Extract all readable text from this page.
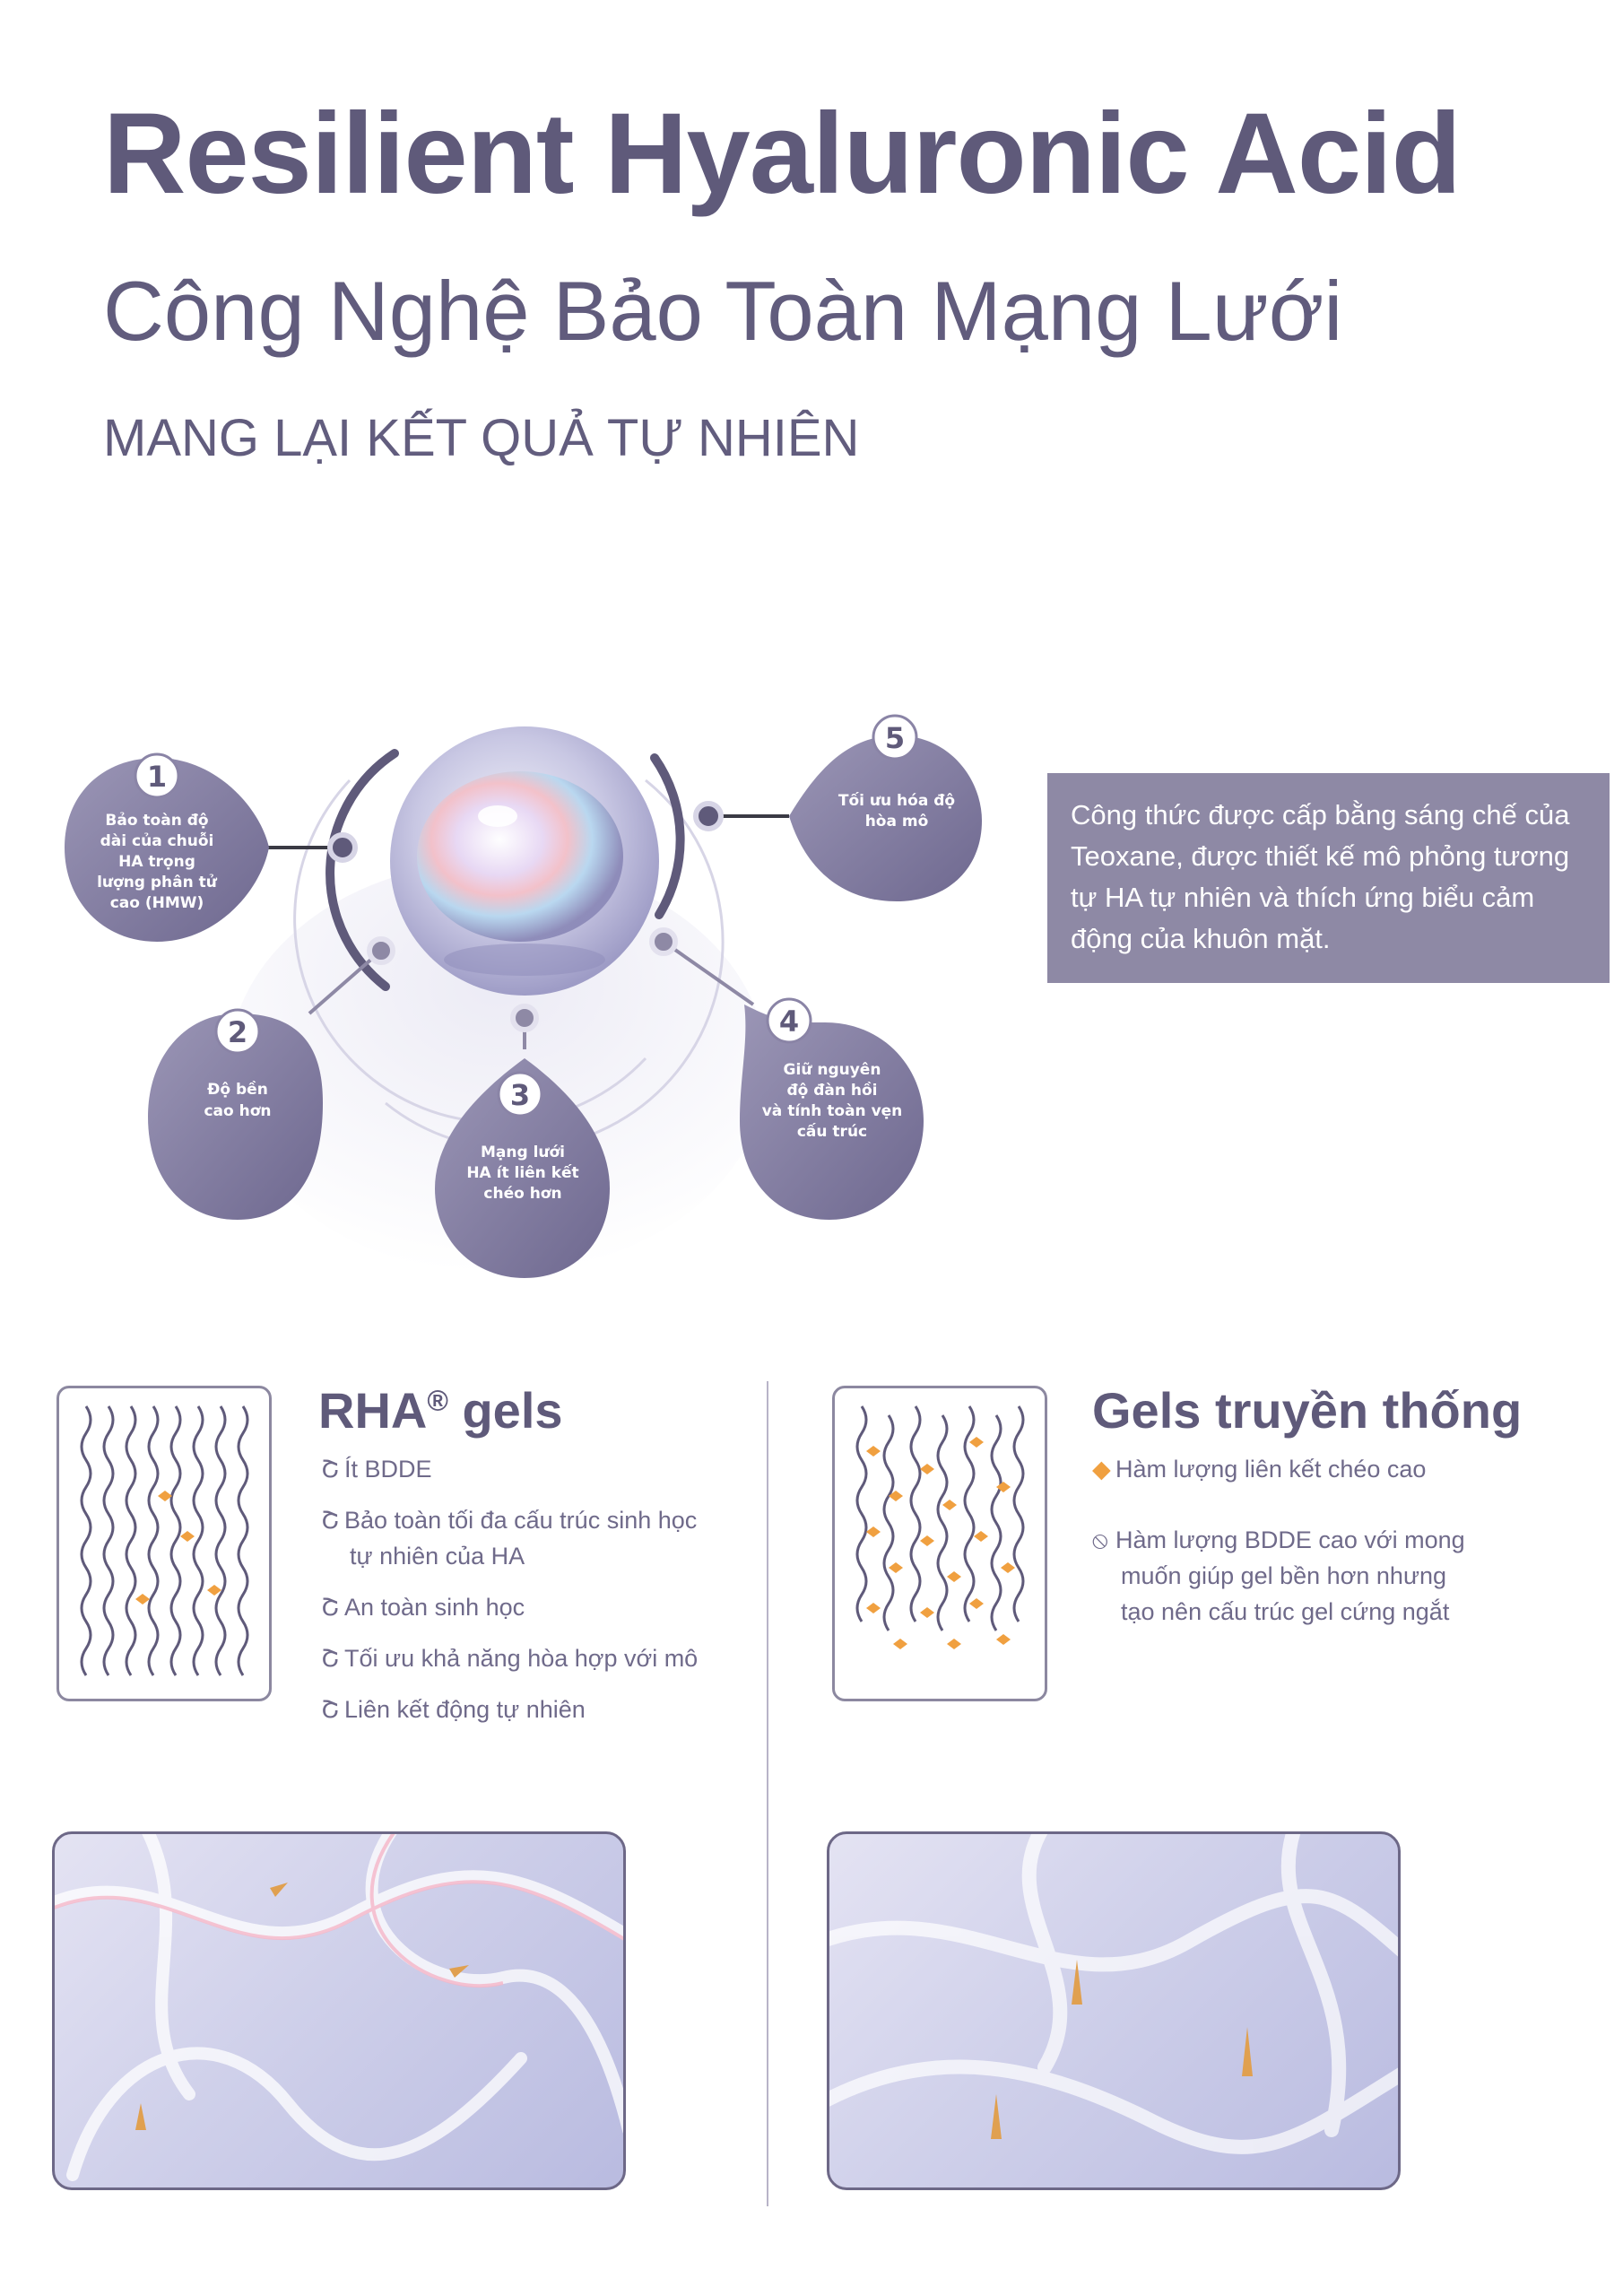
Resilient Hyaluronic Acid
Công Nghệ Bảo Toàn Mạng Lưới
MANG LẠI KẾT QUẢ TỰ NHIÊN
1
Bảo toàn độ
dài của chuỗi
HA trọng
lượng phân tử
cao (HMW)
2
Độ bền
cao hơn	3
Mạng lưới
HA ít liên kết
chéo hơn
4
Giữ nguyên
độ đàn hồi
và tính toàn vẹn
cấu trúc
5
Tối ưu hóa độ
hòa mô	Công thức được cấp bằng sáng chế của Teoxane, được thiết kế mô phỏng tương tự HA tự nhiên và thích ứng biểu cảm động của khuôn mặt.
RHA® gels
Շ Ít BDDE
Շ Bảo toàn tối đa cấu trúc sinh học
tự nhiên của HA
Շ An toàn sinh học
Շ Tối ưu khả năng hòa hợp với mô
Շ Liên kết động tự nhiên
Gels truyền thống
◆ Hàm lượng liên kết chéo cao
⦸ Hàm lượng BDDE cao với mong
muốn giúp gel bền hơn nhưng
tạo nên cấu trúc gel cứng ngắt
